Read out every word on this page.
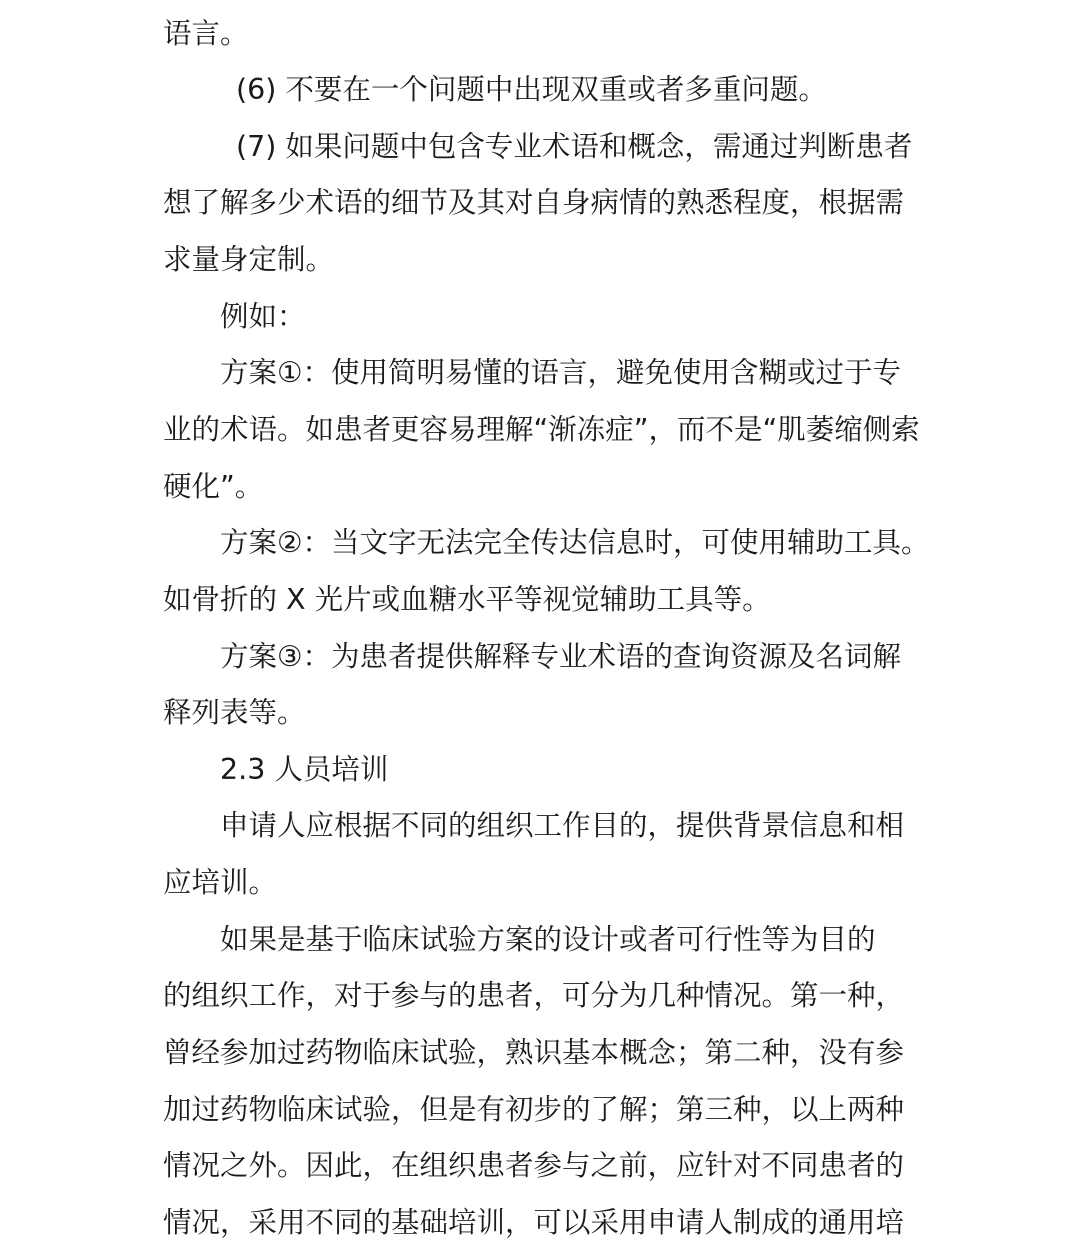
语言。
(6) 不要在一个问题中出现双重或者多重问题。
(7) 如果问题中包含专业术语和概念，需通过判断患者
想了解多少术语的细节及其对自身病情的熟悉程度，根据需
求量身定制。
例如：
方案①：使用简明易懂的语言，避免使用含糊或过于专
业的术语。如患者更容易理解“渐冻症”，而不是“肌萎缩侧索
硬化”。
方案②：当文字无法完全传达信息时，可使用辅助工具。
如骨折的 X 光片或血糖水平等视觉辅助工具等。
方案③：为患者提供解释专业术语的查询资源及名词解
释列表等。
2.3 人员培训
申请人应根据不同的组织工作目的，提供背景信息和相
应培训。
如果是基于临床试验方案的设计或者可行性等为目的
的组织工作，对于参与的患者，可分为几种情况。第一种，
曾经参加过药物临床试验，熟识基本概念；第二种，没有参
加过药物临床试验，但是有初步的了解；第三种，以上两种
情况之外。因此，在组织患者参与之前，应针对不同患者的
情况，采用不同的基础培训，可以采用申请人制成的通用培
